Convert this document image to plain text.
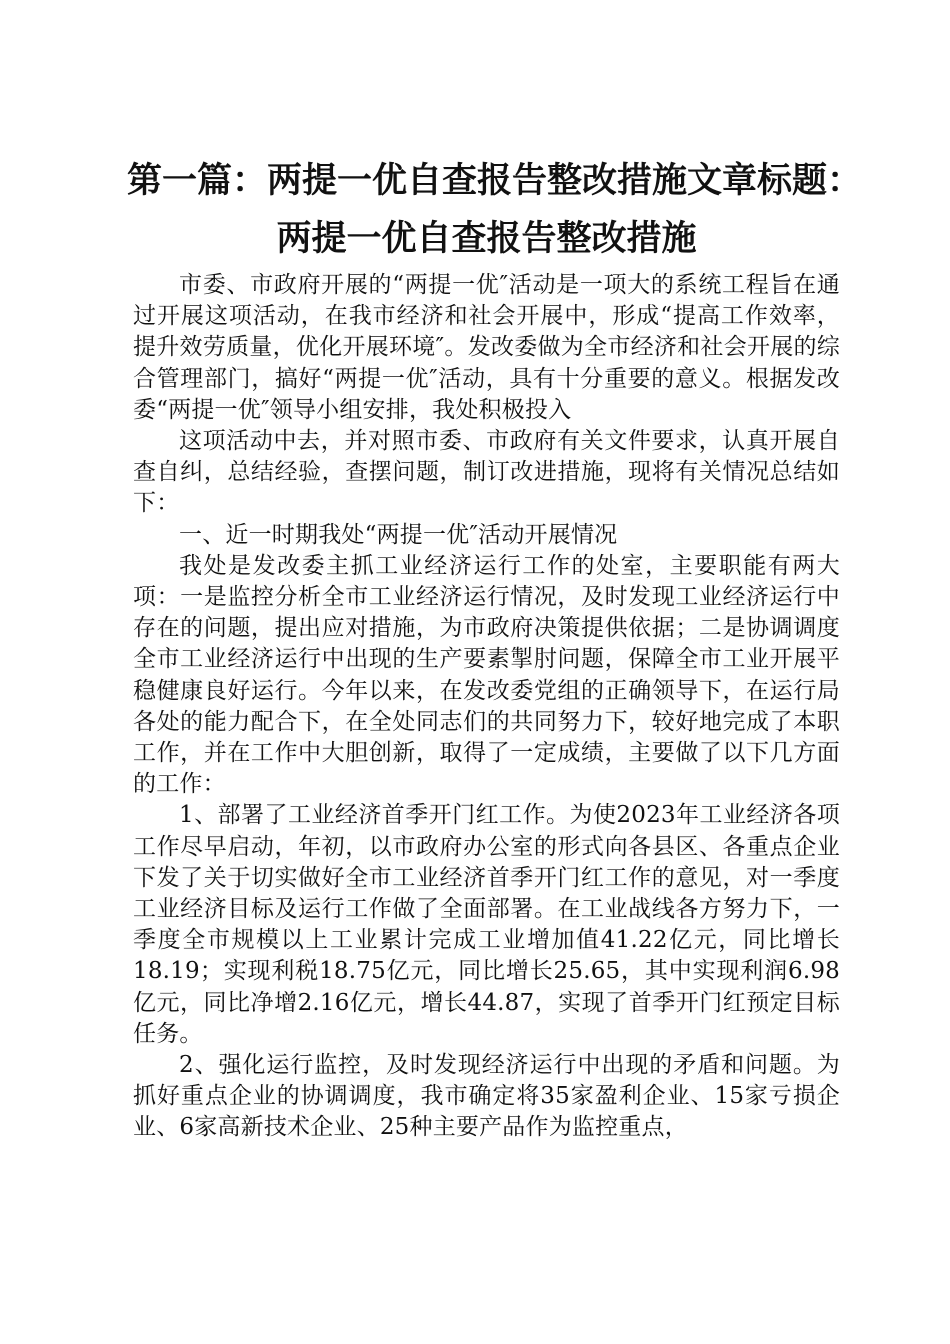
第一篇：两提一优自查报告整改措施文章标题：
两提一优自查报告整改措施

市委、市政府开展的“两提一优″活动是一项大的系统工程旨在通过开展这项活动，在我市经济和社会开展中，形成“提高工作效率，提升效劳质量，优化开展环境″。发改委做为全市经济和社会开展的综合管理部门，搞好“两提一优″活动，具有十分重要的意义。根据发改委“两提一优″领导小组安排，我处积极投入

这项活动中去，并对照市委、市政府有关文件要求，认真开展自查自纠，总结经验，查摆问题，制订改进措施，现将有关情况总结如下：

一、近一时期我处“两提一优″活动开展情况

我处是发改委主抓工业经济运行工作的处室，主要职能有两大项：一是监控分析全市工业经济运行情况，及时发现工业经济运行中存在的问题，提出应对措施，为市政府决策提供依据；二是协调调度全市工业经济运行中出现的生产要素掣肘问题，保障全市工业开展平稳健康良好运行。今年以来，在发改委党组的正确领导下，在运行局各处的能力配合下，在全处同志们的共同努力下，较好地完成了本职工作，并在工作中大胆创新，取得了一定成绩，主要做了以下几方面的工作：

1、部署了工业经济首季开门红工作。为使2023年工业经济各项工作尽早启动，年初，以市政府办公室的形式向各县区、各重点企业下发了关于切实做好全市工业经济首季开门红工作的意见，对一季度工业经济目标及运行工作做了全面部署。在工业战线各方努力下，一季度全市规模以上工业累计完成工业增加值41.22亿元，同比增长18.19；实现利税18.75亿元，同比增长25.65，其中实现利润6.98亿元，同比净增2.16亿元，增长44.87，实现了首季开门红预定目标任务。

2、强化运行监控，及时发现经济运行中出现的矛盾和问题。为抓好重点企业的协调调度，我市确定将35家盈利企业、15家亏损企业、6家高新技术企业、25种主要产品作为监控重点，
